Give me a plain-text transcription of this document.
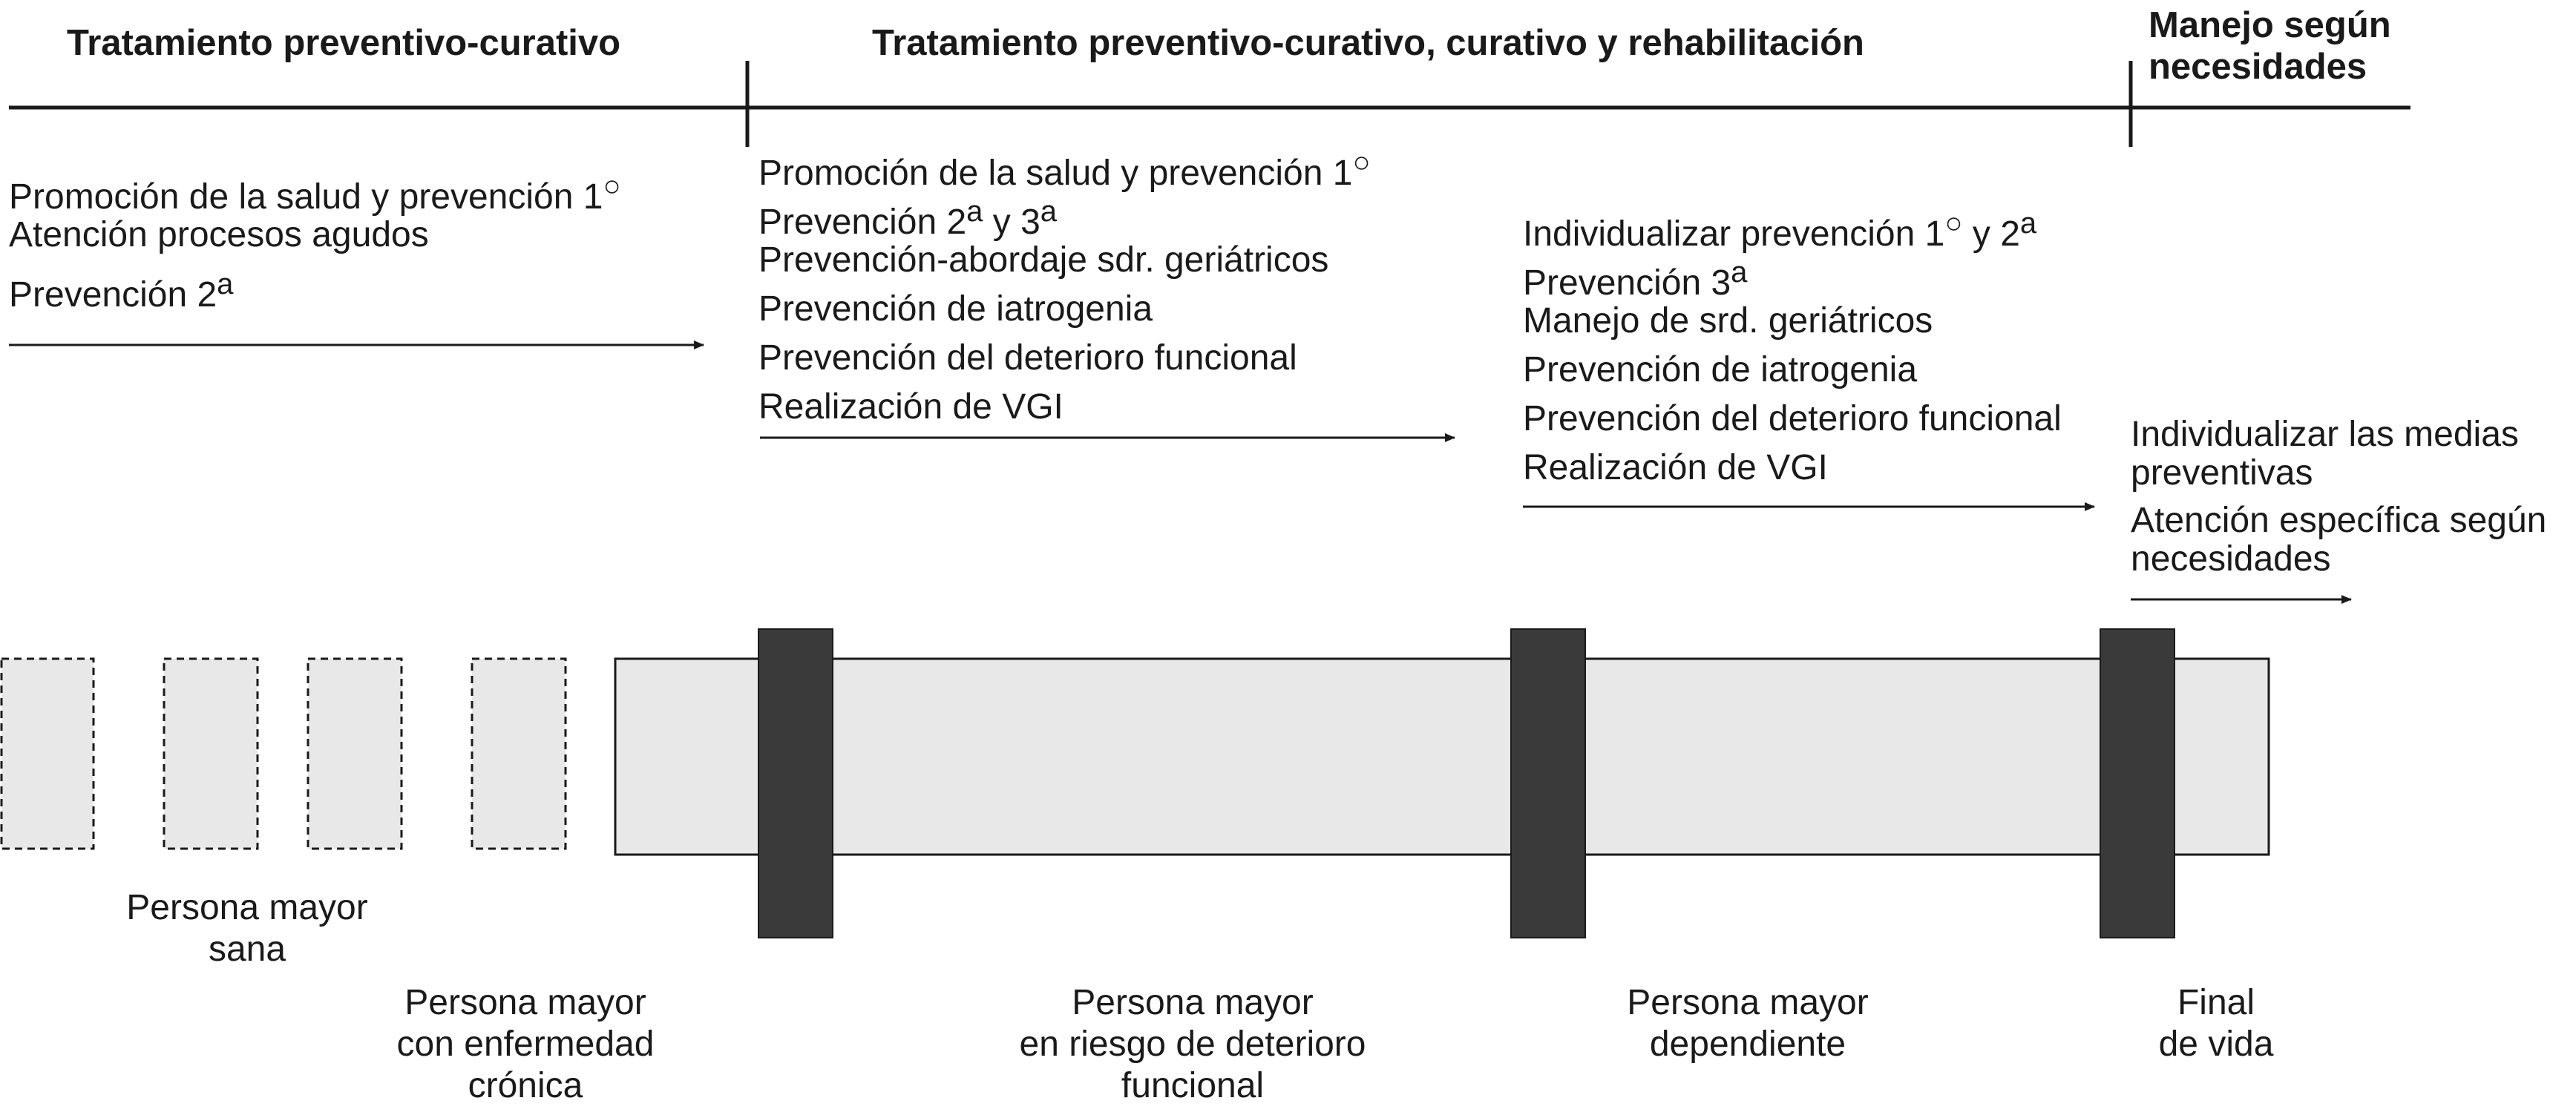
Tratamiento preventivo-curativo	Tratamiento preventivo-curativo, curativo y rehabilitación	Manejo según
necesidades
Promoción de la salud y prevención 1○
Atención procesos agudos
Prevención 2$^a$
Promoción de la salud y prevención 1○
Prevención 2$^a$ y 3$^a$
Prevención-abordaje sdr. geriátricos
Prevención de iatrogenia
Prevención del deterioro funcional
Realización de VGI
Individualizar prevención 1○ y 2$^a$
Prevención 3$^a$
Manejo de srd. geriátricos
Prevención de iatrogenia
Prevención del deterioro funcional
Realización de VGI
Individualizar las medias
preventivas
Atención específica según
necesidades
Persona mayor
sana
Persona mayor
con enfermedad
crónica
Persona mayor
en riesgo de deterioro
funcional
Persona mayor
dependiente
Final
de vida
